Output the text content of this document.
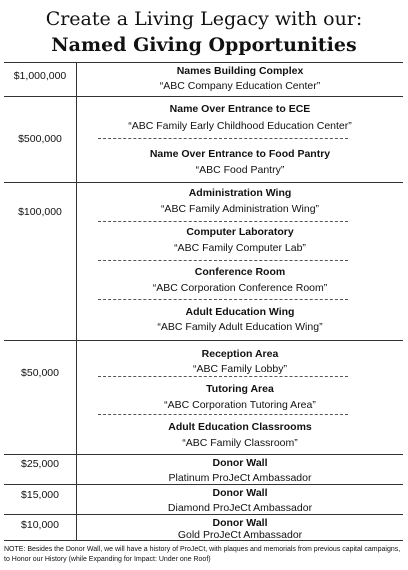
Create a Living Legacy with our:
Named Giving Opportunities
$1,000,000
$500,000
$100,000
$50,000
$25,000
$15,000
$10,000
Names Building Complex
“ABC Company Education Center”
Name Over Entrance to ECE
“ABC Family Early Childhood Education Center”
Name Over Entrance to Food Pantry
“ABC Food Pantry”
Administration Wing
“ABC Family Administration Wing”
Computer Laboratory
“ABC Family Computer Lab”
Conference Room
“ABC Corporation Conference Room”
Adult Education Wing
“ABC Family Adult Education Wing”
Reception Area
“ABC Family Lobby”
Tutoring Area
“ABC Corporation Tutoring Area”
Adult Education Classrooms
“ABC Family Classroom”
Donor Wall
Platinum ProJeCt Ambassador
Donor Wall
Diamond ProJeCt Ambassador
Donor Wall
Gold ProJeCt Ambassador
NOTE: Besides the Donor Wall, we will have a history of ProJeCt, with plaques and memorials from previous capital campaigns, to Honor our History (while Expanding for Impact: Under one Roof)
